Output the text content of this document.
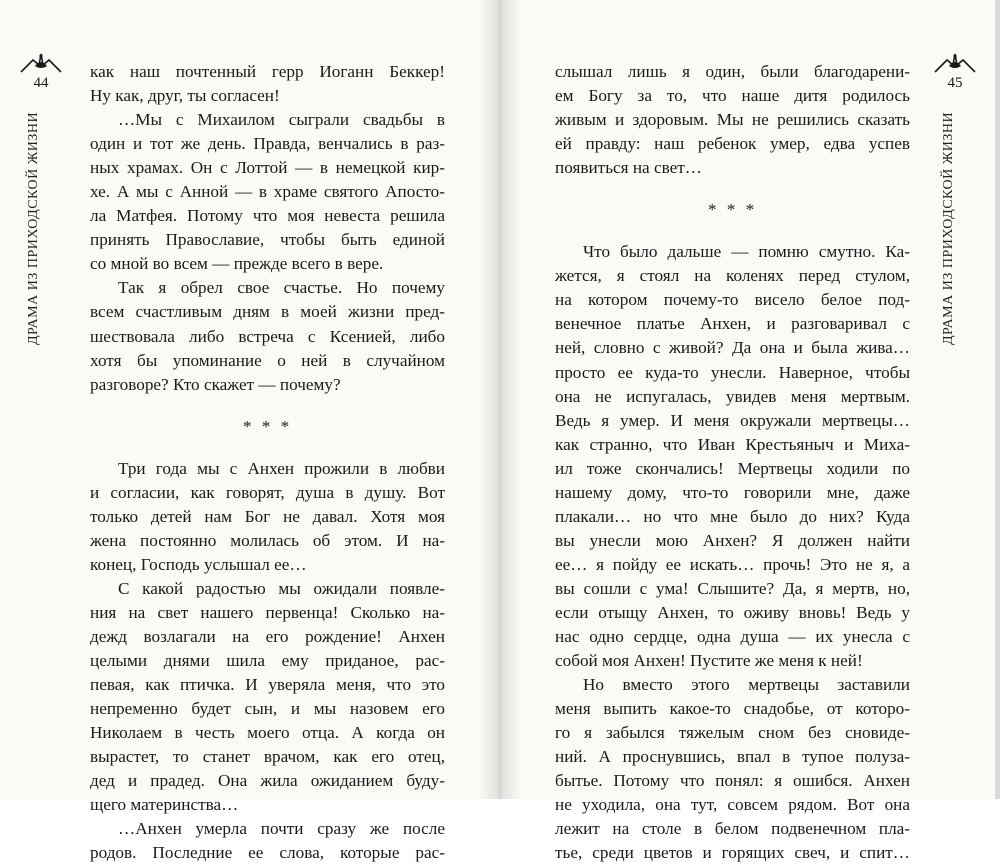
44
ДРАМА ИЗ ПРИХОДСКОЙ ЖИЗНИ
как наш почтенный герр Иоганн Беккер!
Ну как, друг, ты согласен!
…Мы с Михаилом сыграли свадьбы в
один и тот же день. Правда, венчались в раз-
ных храмах. Он с Лоттой — в немецкой кир-
хе. А мы с Анной — в храме святого Апосто-
ла Матфея. Потому что моя невеста решила
принять Православие, чтобы быть единой
со мной во всем — прежде всего в вере.
Так я обрел свое счастье. Но почему
всем счастливым дням в моей жизни пред-
шествовала либо встреча с Ксенией, либо
хотя бы упоминание о ней в случайном
разговоре? Кто скажет — почему?
* * *
Три года мы с Анхен прожили в любви
и согласии, как говорят, душа в душу. Вот
только детей нам Бог не давал. Хотя моя
жена постоянно молилась об этом. И на-
конец, Господь услышал ее…
С какой радостью мы ожидали появле-
ния на свет нашего первенца! Сколько на-
дежд возлагали на его рождение! Анхен
целыми днями шила ему приданое, рас-
певая, как птичка. И уверяла меня, что это
непременно будет сын, и мы назовем его
Николаем в честь моего отца. А когда он
вырастет, то станет врачом, как его отец,
дед и прадед. Она жила ожиданием буду-
щего материнства…
…Анхен умерла почти сразу же после
родов. Последние ее слова, которые рас-
45
ДРАМА ИЗ ПРИХОДСКОЙ ЖИЗНИ
слышал лишь я один, были благодарени-
ем Богу за то, что наше дитя родилось
живым и здоровым. Мы не решились сказать
ей правду: наш ребенок умер, едва успев
появиться на свет…
* * *
Что было дальше — помню смутно. Ка-
жется, я стоял на коленях перед стулом,
на котором почему-то висело белое под-
венечное платье Анхен, и разговаривал с
ней, словно с живой? Да она и была жива…
просто ее куда-то унесли. Наверное, чтобы
она не испугалась, увидев меня мертвым.
Ведь я умер. И меня окружали мертвецы…
как странно, что Иван Крестьяныч и Миха-
ил тоже скончались! Мертвецы ходили по
нашему дому, что-то говорили мне, даже
плакали… но что мне было до них? Куда
вы унесли мою Анхен? Я должен найти
ее… я пойду ее искать… прочь! Это не я, а
вы сошли с ума! Слышите? Да, я мертв, но,
если отыщу Анхен, то оживу вновь! Ведь у
нас одно сердце, одна душа — их унесла с
собой моя Анхен! Пустите же меня к ней!
Но вместо этого мертвецы заставили
меня выпить какое-то снадобье, от которо-
го я забылся тяжелым сном без сновиде-
ний. А проснувшись, впал в тупое полуза-
бытье. Потому что понял: я ошибся. Анхен
не уходила, она тут, совсем рядом. Вот она
лежит на столе в белом подвенечном пла-
тье, среди цветов и горящих свеч, и спит…
